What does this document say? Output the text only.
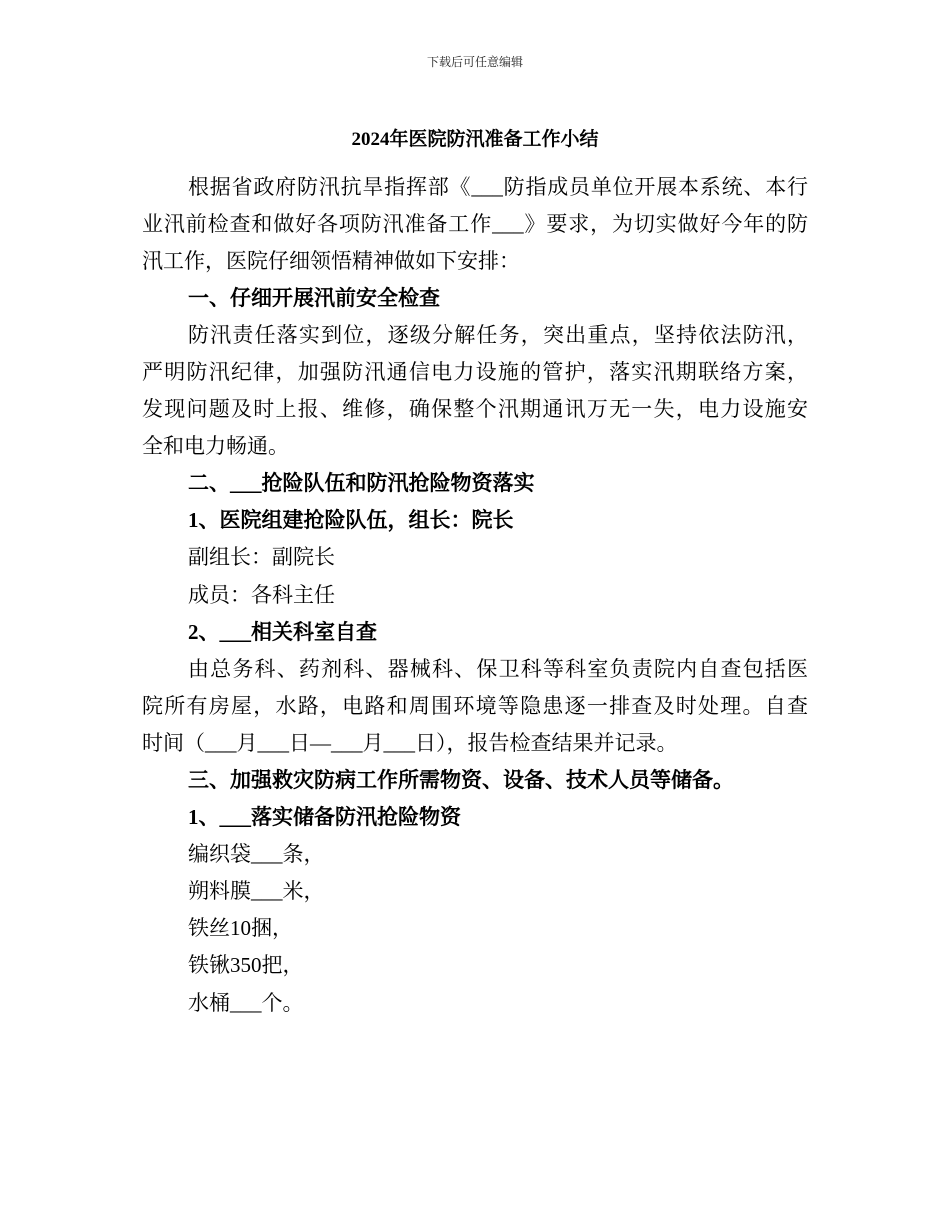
下载后可任意编辑
2024年医院防汛准备工作小结
根据省政府防汛抗旱指挥部《___防指成员单位开展本系统、本行
业汛前检查和做好各项防汛准备工作___》要求，为切实做好今年的防
汛工作，医院仔细领悟精神做如下安排：
一、仔细开展汛前安全检查
防汛责任落实到位，逐级分解任务，突出重点，坚持依法防汛，
严明防汛纪律，加强防汛通信电力设施的管护，落实汛期联络方案，
发现问题及时上报、维修，确保整个汛期通讯万无一失，电力设施安
全和电力畅通。
二、___抢险队伍和防汛抢险物资落实
1、医院组建抢险队伍，组长：院长
副组长：副院长
成员：各科主任
2、___相关科室自查
由总务科、药剂科、器械科、保卫科等科室负责院内自查包括医
院所有房屋，水路，电路和周围环境等隐患逐一排查及时处理。自查
时间（___月___日—___月___日），报告检查结果并记录。
三、加强救灾防病工作所需物资、设备、技术人员等储备。
1、___落实储备防汛抢险物资
编织袋___条，
朔料膜___米，
铁丝10捆，
铁锹350把，
水桶___个。
